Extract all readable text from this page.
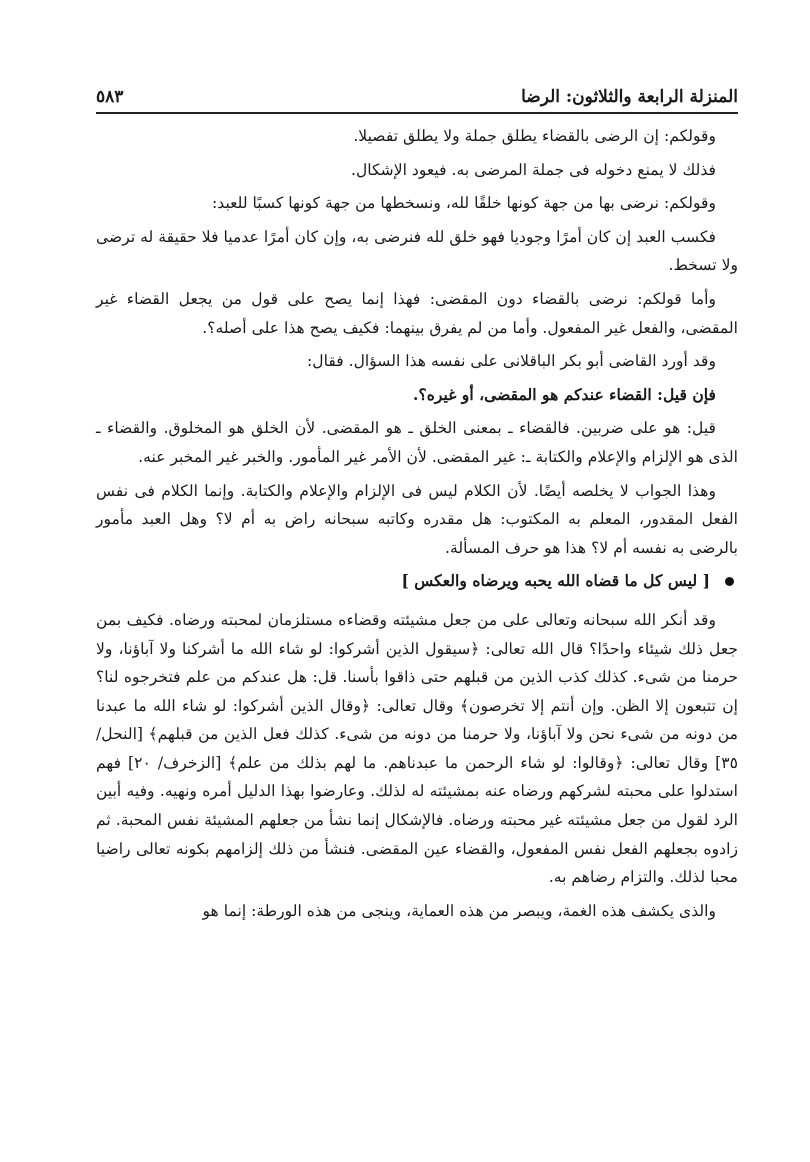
المنزلة الرابعة والثلاثون: الرضا
٥٨٣

وقولكم: إن الرضى بالقضاء يطلق جملة ولا يطلق تفصيلا.

فذلك لا يمنع دخوله فى جملة المرضى به. فيعود الإشكال.

وقولكم: نرضى بها من جهة كونها خلقًا لله، ونسخطها من جهة كونها كسبًا للعبد:

فكسب العبد إن كان أمرًا وجوديا فهو خلق لله فنرضى به، وإن كان أمرًا عدميا فلا حقيقة له ترضى ولا تسخط.

وأما قولكم: نرضى بالقضاء دون المقضى: فهذا إنما يصح على قول من يجعل القضاء غير المقضى، والفعل غير المفعول. وأما من لم يفرق بينهما: فكيف يصح هذا على أصله؟.

وقد أورد القاضى أبو بكر الباقلانى على نفسه هذا السؤال. فقال:

فإن قيل: القضاء عندكم هو المقضى، أو غيره؟.

قيل: هو على ضربين. فالقضاء ـ بمعنى الخلق ـ هو المقضى. لأن الخلق هو المخلوق. والقضاء ـ الذى هو الإلزام والإعلام والكتابة ـ: غير المقضى. لأن الأمر غير المأمور. والخبر غير المخبر عنه.

وهذا الجواب لا يخلصه أيضًا. لأن الكلام ليس فى الإلزام والإعلام والكتابة. وإنما الكلام فى نفس الفعل المقدور، المعلم به المكتوب: هل مقدره وكاتبه سبحانه راض به أم لا؟ وهل العبد مأمور بالرضى به نفسه أم لا؟ هذا هو حرف المسألة.

[ ليس كل ما قضاه الله يحبه ويرضاه والعكس ]

وقد أنكر الله سبحانه وتعالى على من جعل مشيئته وقضاءه مستلزمان لمحبته ورضاه. فكيف بمن جعل ذلك شيئاء واحدًا؟ قال الله تعالى: ﴿سيقول الذين أشركوا: لو شاء الله ما أشركنا ولا آباؤنا، ولا حرمنا من شىء. كذلك كذب الذين من قبلهم حتى ذاقوا بأسنا. قل: هل عندكم من علم فتخرجوه لنا؟ إن تتبعون إلا الظن. وإن أنتم إلا تخرصون﴾ وقال تعالى: ﴿وقال الذين أشركوا: لو شاء الله ما عبدنا من دونه من شىء نحن ولا آباؤنا، ولا حرمنا من دونه من شىء. كذلك فعل الذين من قبلهم﴾ [النحل/ ٣٥] وقال تعالى: ﴿وقالوا: لو شاء الرحمن ما عبدناهم. ما لهم بذلك من علم﴾ [الزخرف/ ٢٠] فهم استدلوا على محبته لشركهم ورضاه عنه بمشيئته له لذلك. وعارضوا بهذا الدليل أمره ونهيه. وفيه أبين الرد لقول من جعل مشيئته غير محبته ورضاه. فالإشكال إنما نشأ من جعلهم المشيئة نفس المحبة. ثم زادوه بجعلهم الفعل نفس المفعول، والقضاء عين المقضى. فنشأ من ذلك إلزامهم بكونه تعالى راضيا محبا لذلك. والتزام رضاهم به.

والذى يكشف هذه الغمة، ويبصر من هذه العماية، وينجى من هذه الورطة: إنما هو
